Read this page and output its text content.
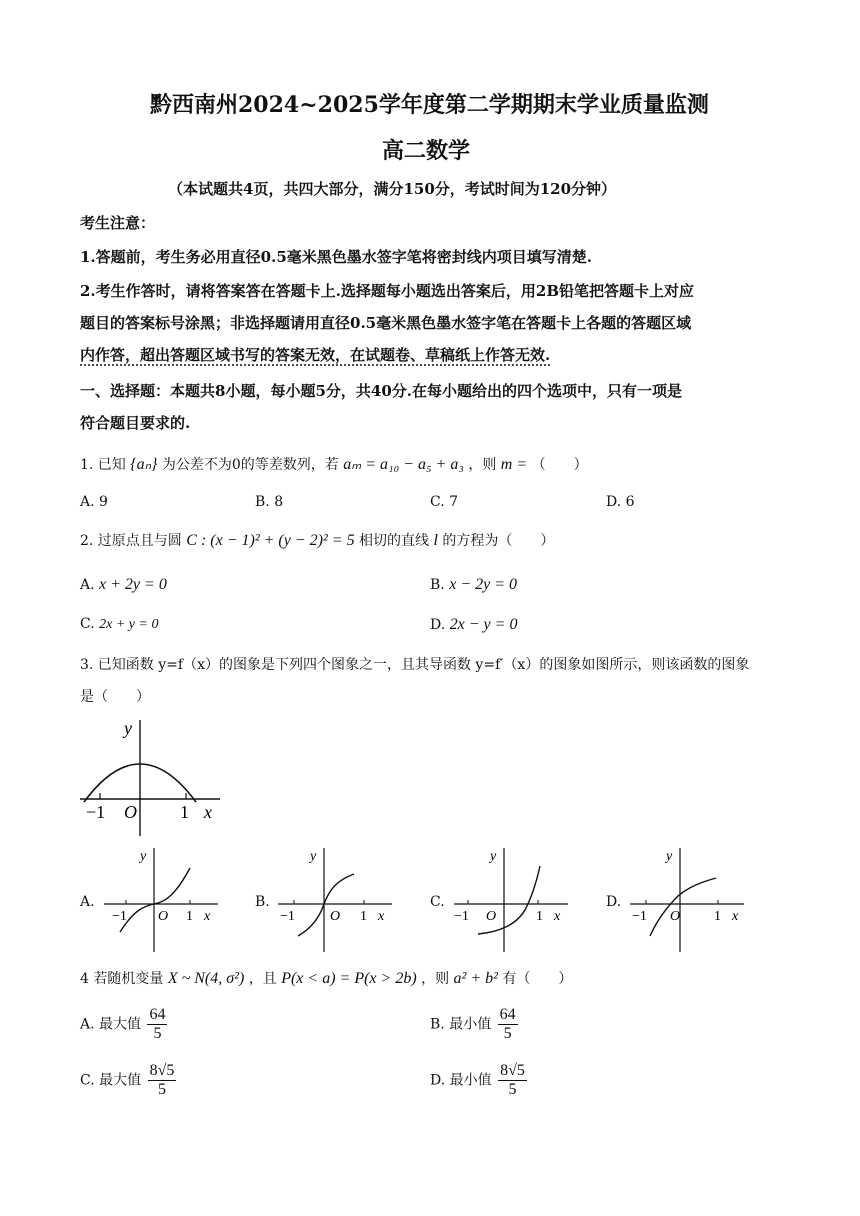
黔西南州2024~2025学年度第二学期期末学业质量监测
高二数学
（本试题共4页，共四大部分，满分150分，考试时间为120分钟）
考生注意：
1.答题前，考生务必用直径0.5毫米黑色墨水签字笔将密封线内项目填写清楚.
2.考生作答时，请将答案答在答题卡上.选择题每小题选出答案后，用2B铅笔把答题卡上对应
题目的答案标号涂黑；非选择题请用直径0.5毫米黑色墨水签字笔在答题卡上各题的答题区域
内作答，超出答题区域书写的答案无效，在试题卷、草稿纸上作答无效.
一、选择题：本题共8小题，每小题5分，共40分.在每小题给出的四个选项中，只有一项是
符合题目要求的.
1. 已知 {aₙ} 为公差不为0的等差数列，若 aₘ = a₁₀ − a₅ + a₃ ，则 m = （　　）
A. 9	B. 8	C. 7	D. 6
2. 过原点且与圆 C : (x − 1)² + (y − 2)² = 5 相切的直线 l 的方程为（　　）
A. x + 2y = 0	B. x − 2y = 0
C. 2x + y = 0	D. 2x − y = 0
3. 已知函数 y=f（x）的图象是下列四个图象之一，且其导函数 y=f′（x）的图象如图所示，则该函数的图象
是（　　）
y
−1 O 1 x
A.
y
−1 O 1 x
B.
y
−1	O 1 x
C.
y
−1 O	1 x
D.
y
−1 O 1 x
4 若随机变量 X ~ N(4, σ²) ，且 P(x < a) = P(x > 2b) ，则 a² + b² 有（　　）
A. 最大值 $\frac{64}{5}$	B. 最小值 $\frac{64}{5}$
C. 最大值 $\frac{8√5}{5}$	D. 最小值 $\frac{8√5}{5}$
